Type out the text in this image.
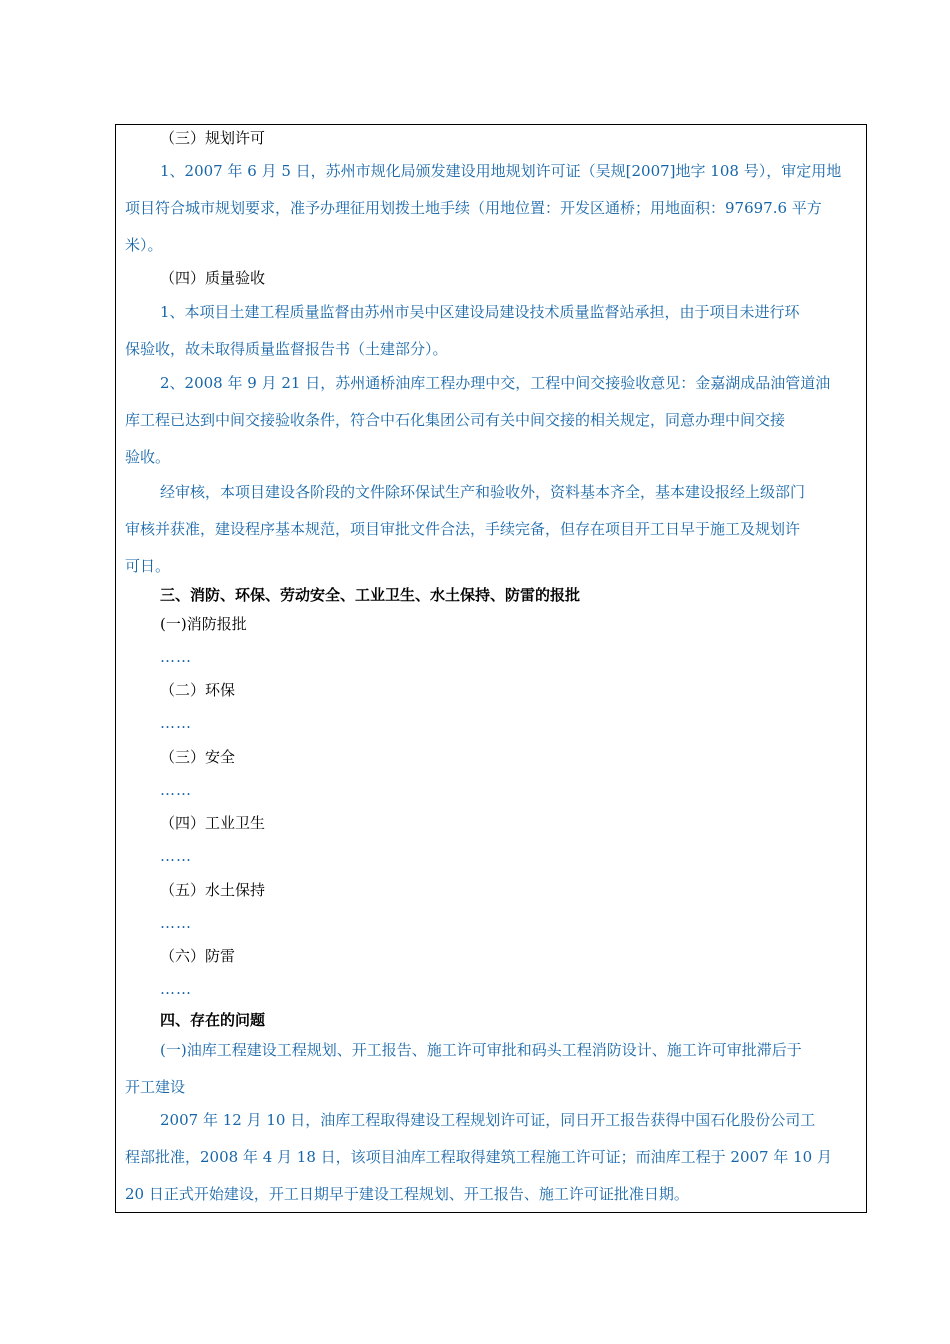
（三）规划许可

1、2007 年 6 月 5 日，苏州市规化局颁发建设用地规划许可证（吴规[2007]地字 108 号），审定用地

项目符合城市规划要求，准予办理征用划拨土地手续（用地位置：开发区通桥；用地面积：97697.6 平方

米）。

（四）质量验收

1、本项目土建工程质量监督由苏州市吴中区建设局建设技术质量监督站承担，由于项目未进行环

保验收，故未取得质量监督报告书（土建部分）。

2、2008 年 9 月 21 日，苏州通桥油库工程办理中交，工程中间交接验收意见：金嘉湖成品油管道油

库工程已达到中间交接验收条件，符合中石化集团公司有关中间交接的相关规定，同意办理中间交接

验收。

经审核，本项目建设各阶段的文件除环保试生产和验收外，资料基本齐全，基本建设报经上级部门

审核并获准，建设程序基本规范，项目审批文件合法，手续完备，但存在项目开工日早于施工及规划许

可日。

三、消防、环保、劳动安全、工业卫生、水土保持、防雷的报批

(一)消防报批

……

（二）环保

……

（三）安全

……

（四）工业卫生

……

（五）水土保持

……

（六）防雷

……

四、存在的问题

(一)油库工程建设工程规划、开工报告、施工许可审批和码头工程消防设计、施工许可审批滞后于

开工建设

2007 年 12 月 10 日，油库工程取得建设工程规划许可证，同日开工报告获得中国石化股份公司工

程部批准，2008 年 4 月 18 日，该项目油库工程取得建筑工程施工许可证；而油库工程于 2007 年 10 月

20 日正式开始建设，开工日期早于建设工程规划、开工报告、施工许可证批准日期。
